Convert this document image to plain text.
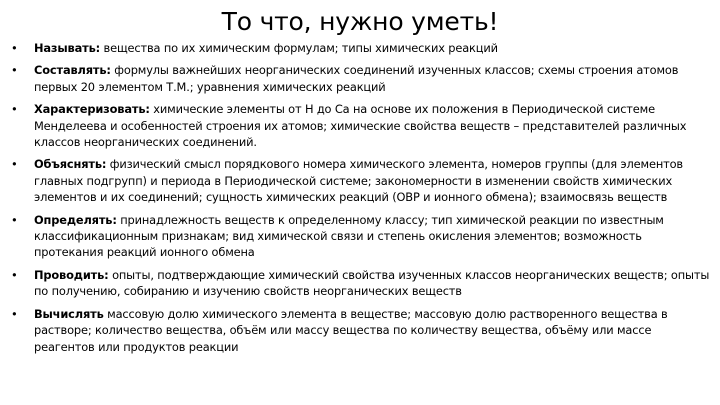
То что, нужно уметь!
• Называть: вещества по их химическим формулам; типы химических реакций
• Составлять: формулы важнейших неорганических соединений изученных классов; схемы строения атомов первых 20 элементом Т.М.; уравнения химических реакций
• Характеризовать: химические элементы от H до Ca на основе их положения в Периодической системе Менделеева и особенностей строения их атомов; химические свойства веществ – представителей различных классов неорганических соединений.
• Объяснять: физический смысл порядкового номера химического элемента, номеров группы (для элементов главных подгрупп) и периода в Периодической системе; закономерности в изменении свойств химических элементов и их соединений; сущность химических реакций (ОВР и ионного обмена); взаимосвязь веществ
• Определять: принадлежность веществ к определенному классу; тип химической реакции по известным классификационным признакам; вид химической связи и степень окисления элементов; возможность протекания реакций ионного обмена
• Проводить: опыты, подтверждающие химический свойства изученных классов неорганических веществ; опыты по получению, собиранию и изучению свойств неорганических веществ
• Вычислять массовую долю химического элемента в веществе; массовую долю растворенного вещества в растворе; количество вещества, объём или массу вещества по количеству вещества, объёму или массе реагентов или продуктов реакции
